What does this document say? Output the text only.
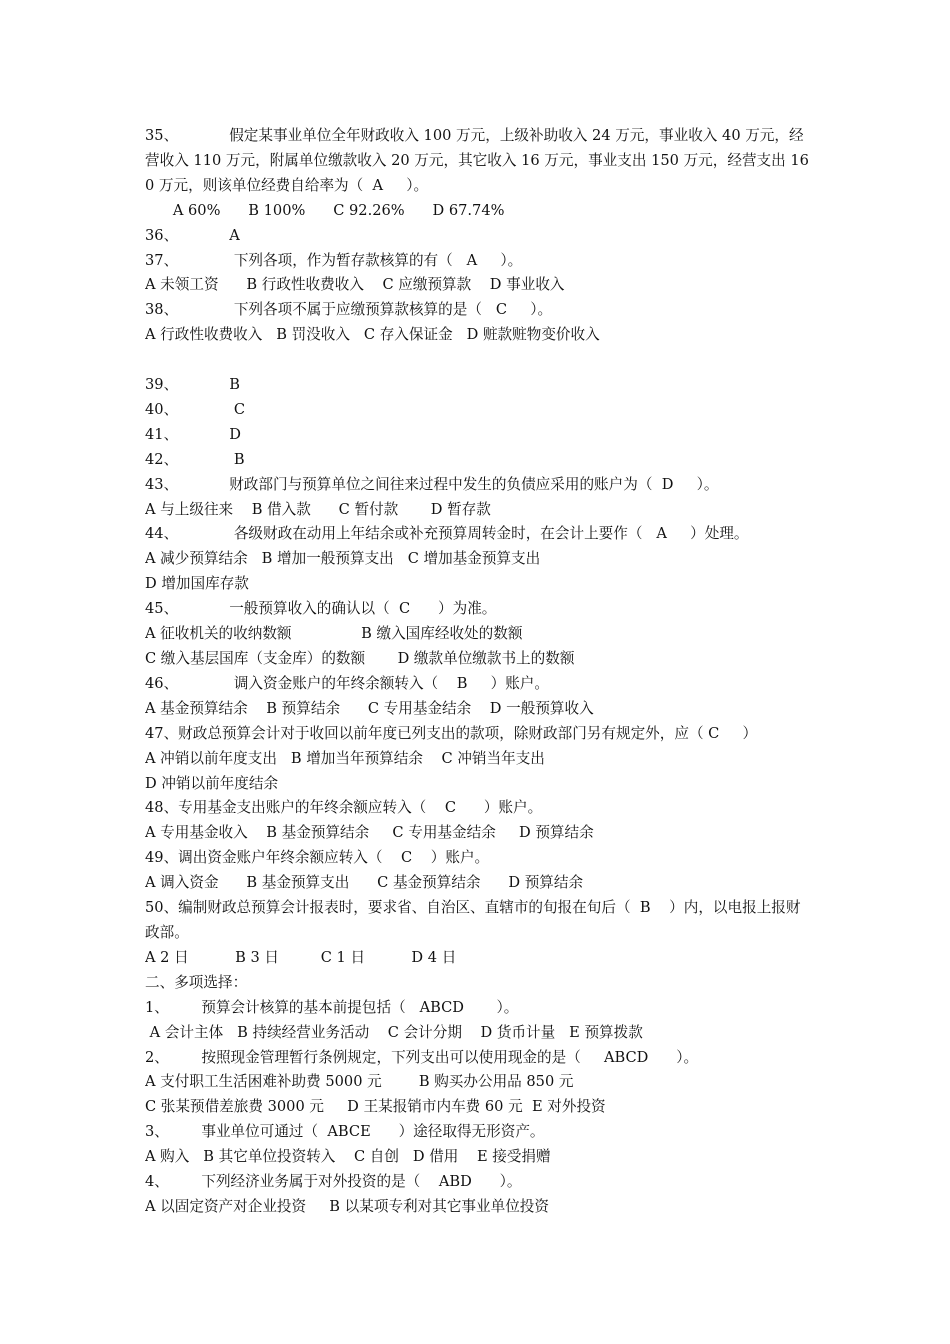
35、           假定某事业单位全年财政收入 100 万元，上级补助收入 24 万元，事业收入 40 万元，经营收入 110 万元，附属单位缴款收入 20 万元，其它收入 16 万元，事业支出 150 万元，经营支出 160 万元，则该单位经费自给率为（  A     ）。
A 60%      B 100%      C 92.26%      D 67.74%
36、           A
37、            下列各项，作为暂存款核算的有（   A     ）。
A 未领工资      B 行政性收费收入    C 应缴预算款    D 事业收入
38、            下列各项不属于应缴预算款核算的是（   C     ）。
A 行政性收费收入   B 罚没收入   C 存入保证金   D 赃款赃物变价收入
39、           B
40、            C
41、           D
42、            B
43、           财政部门与预算单位之间往来过程中发生的负债应采用的账户为（  D     ）。
A 与上级往来    B 借入款      C 暂付款       D 暂存款
44、            各级财政在动用上年结余或补充预算周转金时，在会计上要作（   A     ）处理。
A 减少预算结余   B 增加一般预算支出   C 增加基金预算支出
D 增加国库存款
45、           一般预算收入的确认以（  C      ）为准。
A 征收机关的收纳数额               B 缴入国库经收处的数额
C 缴入基层国库（支金库）的数额       D 缴款单位缴款书上的数额
46、            调入资金账户的年终余额转入（    B     ）账户。
A 基金预算结余    B 预算结余      C 专用基金结余    D 一般预算收入
47、财政总预算会计对于收回以前年度已列支出的款项，除财政部门另有规定外，应（ C     ）
A 冲销以前年度支出   B 增加当年预算结余    C 冲销当年支出
D 冲销以前年度结余
48、专用基金支出账户的年终余额应转入（    C      ）账户。
A 专用基金收入    B 基金预算结余     C 专用基金结余     D 预算结余
49、调出资金账户年终余额应转入（    C    ）账户。
A 调入资金      B 基金预算支出      C 基金预算结余      D 预算结余
50、编制财政总预算会计报表时，要求省、自治区、直辖市的旬报在旬后（  B    ）内，以电报上报财政部。
A 2 日          B 3 日         C 1 日          D 4 日
二、多项选择：
1、       预算会计核算的基本前提包括（   ABCD       ）。
A 会计主体   B 持续经营业务活动    C 会计分期    D 货币计量   E 预算拨款
2、       按照现金管理暂行条例规定，下列支出可以使用现金的是（     ABCD      ）。
A 支付职工生活困难补助费 5000 元        B 购买办公用品 850 元
C 张某预借差旅费 3000 元     D 王某报销市内车费 60 元  E 对外投资
3、       事业单位可通过（  ABCE      ）途径取得无形资产。
A 购入   B 其它单位投资转入    C 自创   D 借用    E 接受捐赠
4、       下列经济业务属于对外投资的是（    ABD      ）。
A 以固定资产对企业投资     B 以某项专利对其它事业单位投资
